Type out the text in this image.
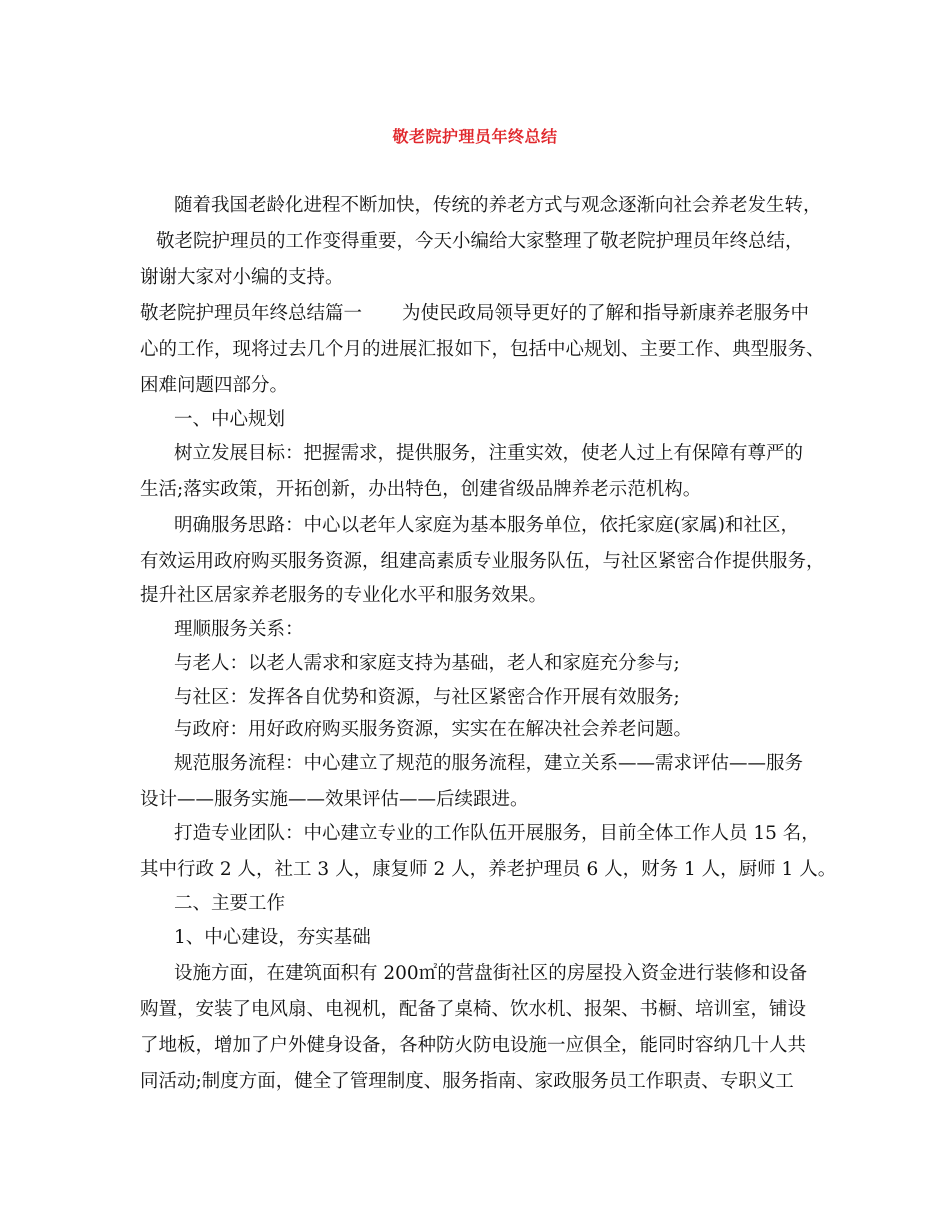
敬老院护理员年终总结
随着我国老龄化进程不断加快，传统的养老方式与观念逐渐向社会养老发生转，
敬老院护理员的工作变得重要，今天小编给大家整理了敬老院护理员年终总结，
谢谢大家对小编的支持。
敬老院护理员年终总结篇一 为使民政局领导更好的了解和指导新康养老服务中
心的工作，现将过去几个月的进展汇报如下，包括中心规划、主要工作、典型服务、
困难问题四部分。
一、中心规划
树立发展目标：把握需求，提供服务，注重实效，使老人过上有保障有尊严的
生活;落实政策，开拓创新，办出特色，创建省级品牌养老示范机构。
明确服务思路：中心以老年人家庭为基本服务单位，依托家庭(家属)和社区，
有效运用政府购买服务资源，组建高素质专业服务队伍，与社区紧密合作提供服务，
提升社区居家养老服务的专业化水平和服务效果。
理顺服务关系：
与老人：以老人需求和家庭支持为基础，老人和家庭充分参与;
与社区：发挥各自优势和资源，与社区紧密合作开展有效服务;
与政府：用好政府购买服务资源，实实在在解决社会养老问题。
规范服务流程：中心建立了规范的服务流程，建立关系——需求评估——服务
设计——服务实施——效果评估——后续跟进。
打造专业团队：中心建立专业的工作队伍开展服务，目前全体工作人员 15 名，
其中行政 2 人，社工 3 人，康复师 2 人，养老护理员 6 人，财务 1 人，厨师 1 人。
二、主要工作
1、中心建设，夯实基础
设施方面，在建筑面积有 200㎡的营盘街社区的房屋投入资金进行装修和设备
购置，安装了电风扇、电视机，配备了桌椅、饮水机、报架、书橱、培训室，铺设
了地板，增加了户外健身设备，各种防火防电设施一应俱全，能同时容纳几十人共
同活动;制度方面，健全了管理制度、服务指南、家政服务员工作职责、专职义工
